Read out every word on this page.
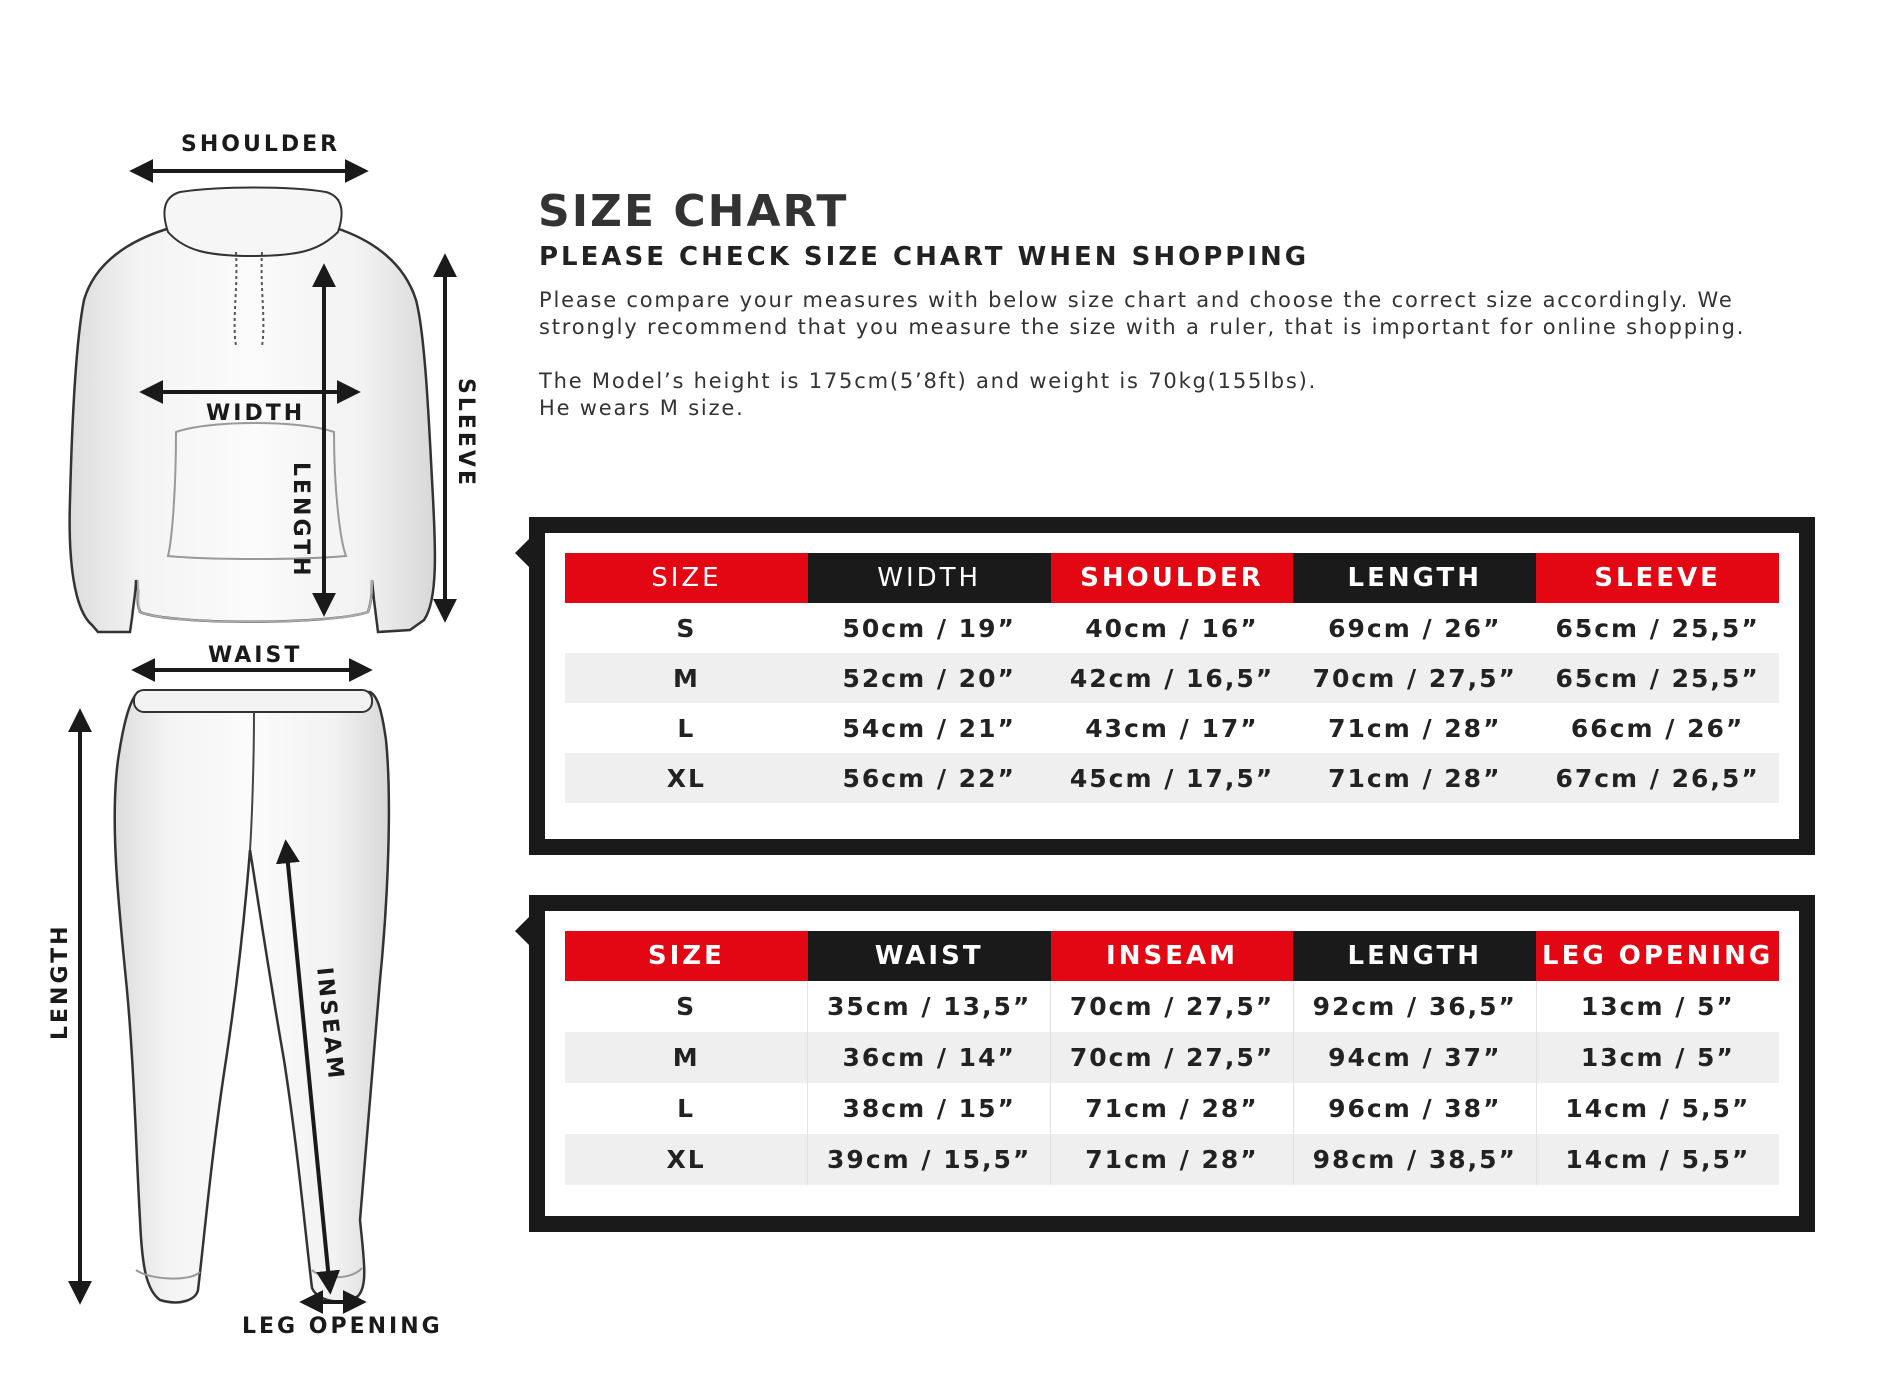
SHOULDER
WIDTH
LENGTH
SLEEVE
WAIST
LENGTH	INSEAM
LEG OPENING
SIZE CHART
PLEASE CHECK SIZE CHART WHEN SHOPPING

Please compare your measures with below size chart and choose the correct size accordingly. We strongly recommend that you measure the size with a ruler, that is important for online shopping.

The Model’s height is 175cm(5’8ft) and weight is 70kg(155lbs).
He wears M size.

SIZE	WIDTH	SHOULDER	LENGTH	SLEEVE
S	50cm / 19”	40cm / 16”	69cm / 26”	65cm / 25,5”
M	52cm / 20”	42cm / 16,5”	70cm / 27,5”	65cm / 25,5”
L	54cm / 21”	43cm / 17”	71cm / 28”	66cm / 26”
XL	56cm / 22”	45cm / 17,5”	71cm / 28”	67cm / 26,5”
SIZE	WAIST	INSEAM	LENGTH	LEG OPENING
S	35cm / 13,5”	70cm / 27,5”	92cm / 36,5”	13cm / 5”
M	36cm / 14”	70cm / 27,5”	94cm / 37”	13cm / 5”
L	38cm / 15”	71cm / 28”	96cm / 38”	14cm / 5,5”
XL	39cm / 15,5”	71cm / 28”	98cm / 38,5”	14cm / 5,5”
